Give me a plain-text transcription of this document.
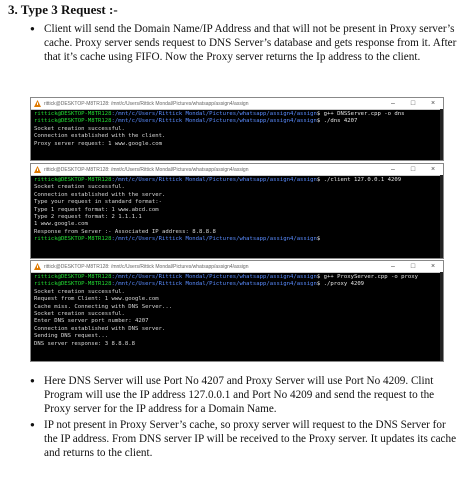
3. Type 3 Request :-
● Client will send the Domain Name/IP Address and that will not be present in Proxy server’s cache. Proxy server sends request to DNS Server’s database and gets response from it. After that it’s cache using FIFO. Now the Proxy server returns the Ip address to the client.
rittick@DESKTOP-M8TR128: /mnt/c/Users/Rittick Mondal/Pictures/whatsapp/assign4/assign	–	□	×
rittick@DESKTOP-M8TR128:/mnt/c/Users/Rittick Mondal/Pictures/whatsapp/assign4/assign$ g++ DNSServer.cpp -o dns
rittick@DESKTOP-M8TR128:/mnt/c/Users/Rittick Mondal/Pictures/whatsapp/assign4/assign$ ./dns 4207
Socket creation successful.
Connection established with the client.
Proxy server request: 1 www.google.com
rittick@DESKTOP-M8TR128: /mnt/c/Users/Rittick Mondal/Pictures/whatsapp/assign4/assign	–	□	×
rittick@DESKTOP-M8TR128:/mnt/c/Users/Rittick Mondal/Pictures/whatsapp/assign4/assign$ ./client 127.0.0.1 4209
Socket creation successful.
Connection established with the server.
Type your request in standard format:-
Type 1 request format: 1 www.abcd.com
Type 2 request format: 2 1.1.1.1
1 www.google.com
Response from Server :- Associated IP address: 8.8.8.8
rittick@DESKTOP-M8TR128:/mnt/c/Users/Rittick Mondal/Pictures/whatsapp/assign4/assign$
rittick@DESKTOP-M8TR128: /mnt/c/Users/Rittick Mondal/Pictures/whatsapp/assign4/assign	–	□	×
rittick@DESKTOP-M8TR128:/mnt/c/Users/Rittick Mondal/Pictures/whatsapp/assign4/assign$ g++ ProxyServer.cpp -o proxy
rittick@DESKTOP-M8TR128:/mnt/c/Users/Rittick Mondal/Pictures/whatsapp/assign4/assign$ ./proxy 4209
Socket creation successful.
Request from Client: 1 www.google.com
Cache miss. Connecting with DNS Server...
Socket creation successful.
Enter DNS server port number: 4207
Connection established with DNS server.
Sending DNS request...
DNS server response: 3 8.8.8.8
● Here DNS Server will use Port No 4207 and Proxy Server will use Port No 4209. Clint Program will use the IP address 127.0.0.1 and Port No 4209 and send the request to the Proxy server for the IP address for a Domain Name.
● IP not present in Proxy Server’s cache, so proxy server will request to the DNS Server for the IP address. From DNS server IP will be received to the Proxy server. It updates its cache and returns to the client.
